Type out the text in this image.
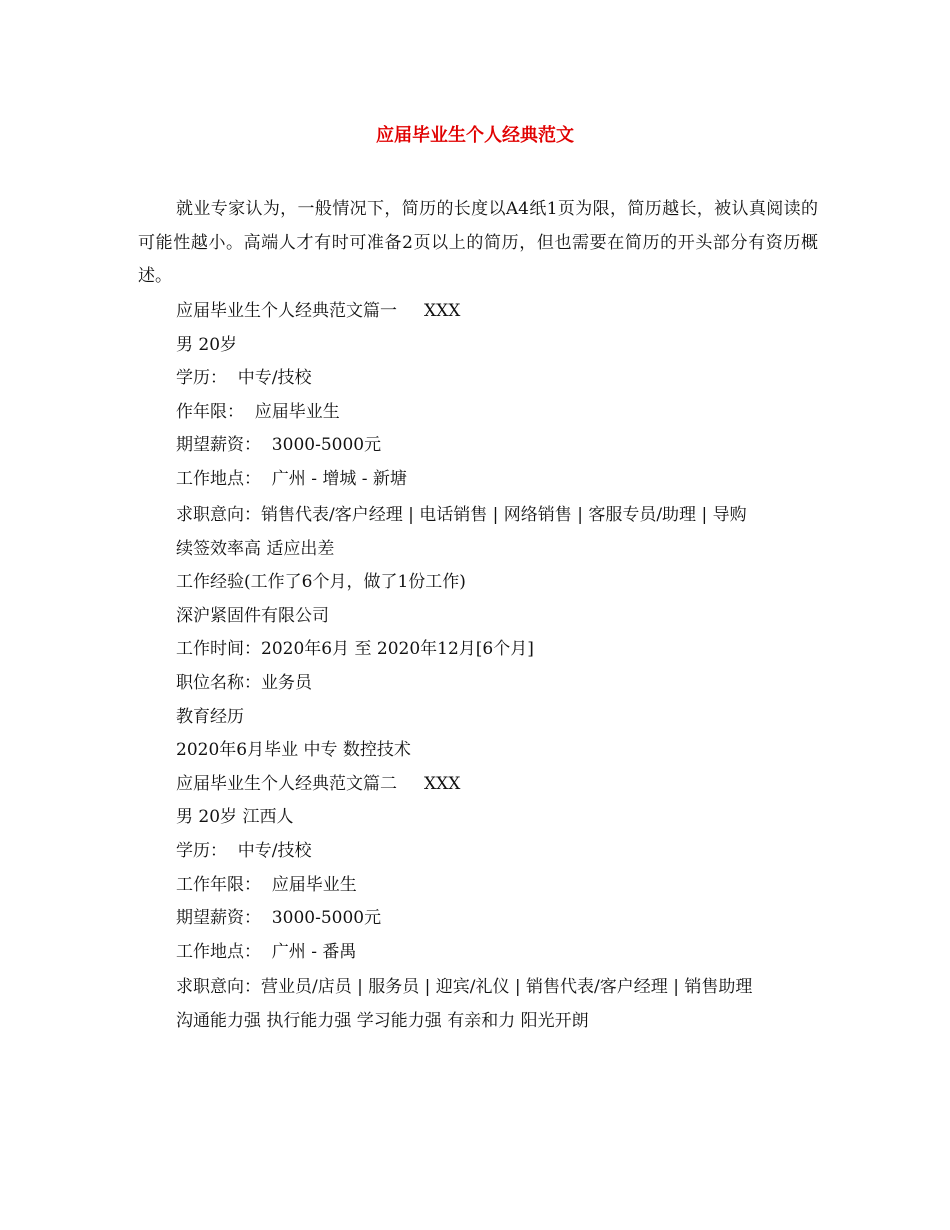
应届毕业生个人经典范文
就业专家认为，一般情况下，简历的长度以A4纸1页为限，简历越长，被认真阅读的可能性越小。高端人才有时可准备2页以上的简历，但也需要在简历的开头部分有资历概述。
应届毕业生个人经典范文篇一     XXX
男 20岁
学历：  中专/技校
作年限：  应届毕业生
期望薪资：  3000-5000元
工作地点：  广州 - 增城 - 新塘
求职意向：销售代表/客户经理 | 电话销售 | 网络销售 | 客服专员/助理 | 导购
续签效率高 适应出差
工作经验(工作了6个月，做了1份工作)
深沪紧固件有限公司
工作时间：2020年6月 至 2020年12月[6个月]
职位名称：业务员
教育经历
2020年6月毕业 中专 数控技术
应届毕业生个人经典范文篇二     XXX
男 20岁 江西人
学历：  中专/技校
工作年限：  应届毕业生
期望薪资：  3000-5000元
工作地点：  广州 - 番禺
求职意向：营业员/店员 | 服务员 | 迎宾/礼仪 | 销售代表/客户经理 | 销售助理
沟通能力强 执行能力强 学习能力强 有亲和力 阳光开朗
